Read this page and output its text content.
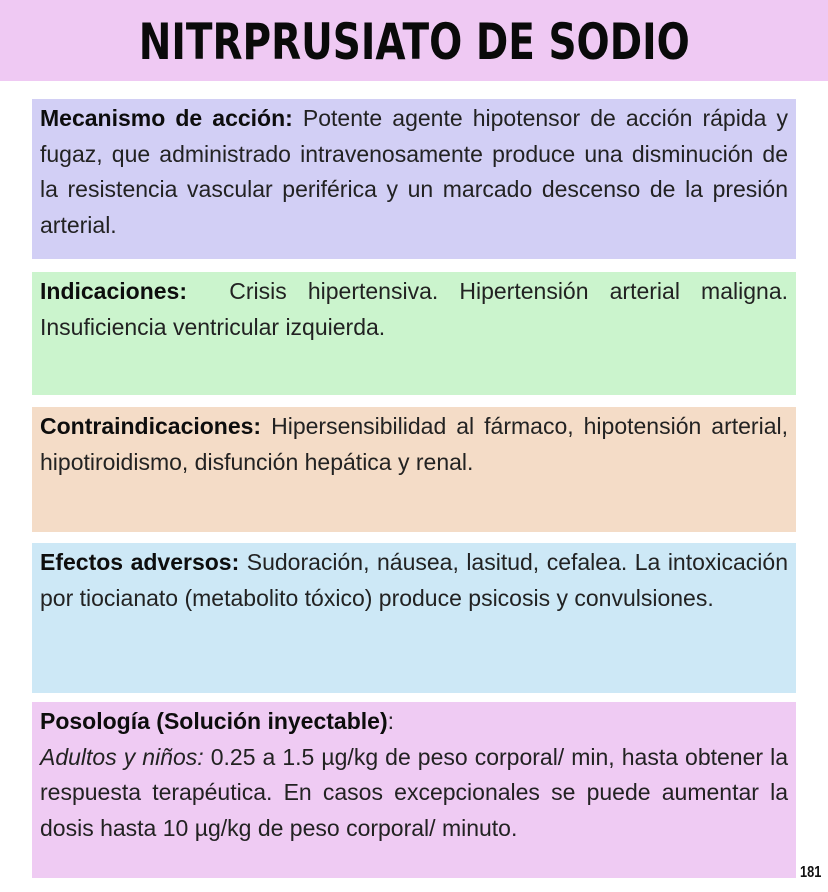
NITRPRUSIATO DE SODIO

Mecanismo de acción: Potente agente hipotensor de acción rápida y fugaz, que administrado intravenosamente produce una disminución de la resistencia vascular periférica y un marcado descenso de la presión arterial.

Indicaciones:  Crisis hipertensiva. Hipertensión arterial maligna. Insuficiencia ventricular izquierda.

Contraindicaciones: Hipersensibilidad al fármaco, hipotensión arterial, hipotiroidismo, disfunción hepática y renal.

Efectos adversos: Sudoración, náusea, lasitud, cefalea. La intoxicación por tiocianato (metabolito tóxico) produce psicosis y convulsiones.

Posología (Solución inyectable):

Adultos y niños: 0.25 a 1.5 µg/kg de peso corporal/ min, hasta obtener la respuesta terapéutica. En casos excepcionales se puede aumentar la dosis hasta 10 µg/kg de peso corporal/ minuto.

181
